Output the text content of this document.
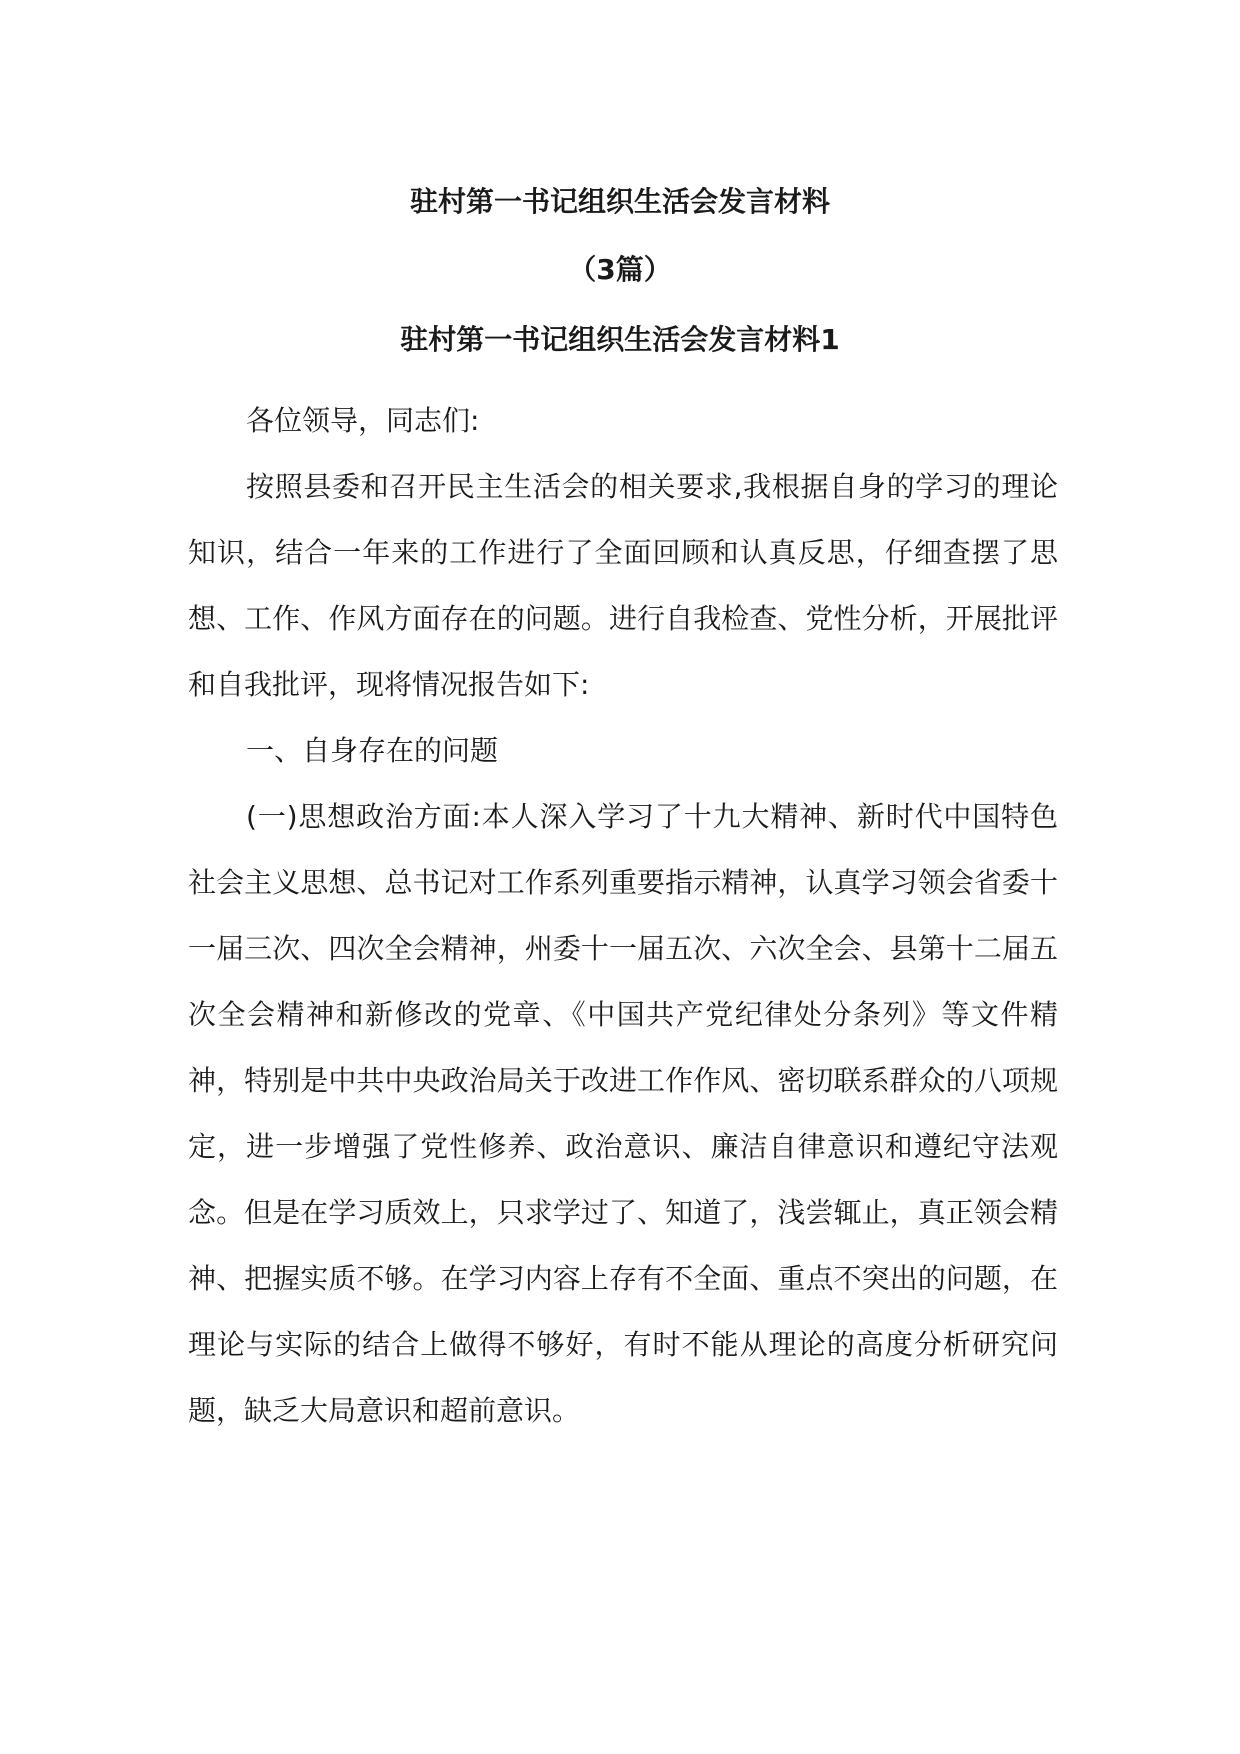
驻村第一书记组织生活会发言材料
（3篇）
驻村第一书记组织生活会发言材料1

各位领导，同志们:

按照县委和召开民主生活会的相关要求,我根据自身的学习的理论知识，结合一年来的工作进行了全面回顾和认真反思，仔细查摆了思想、工作、作风方面存在的问题。进行自我检查、党性分析，开展批评和自我批评，现将情况报告如下:

一、自身存在的问题

(一)思想政治方面:本人深入学习了十九大精神、新时代中国特色社会主义思想、总书记对工作系列重要指示精神，认真学习领会省委十一届三次、四次全会精神，州委十一届五次、六次全会、县第十二届五次全会精神和新修改的党章、《中国共产党纪律处分条列》等文件精神，特别是中共中央政治局关于改进工作作风、密切联系群众的八项规定，进一步增强了党性修养、政治意识、廉洁自律意识和遵纪守法观念。但是在学习质效上，只求学过了、知道了，浅尝辄止，真正领会精神、把握实质不够。在学习内容上存有不全面、重点不突出的问题，在理论与实际的结合上做得不够好，有时不能从理论的高度分析研究问题，缺乏大局意识和超前意识。
